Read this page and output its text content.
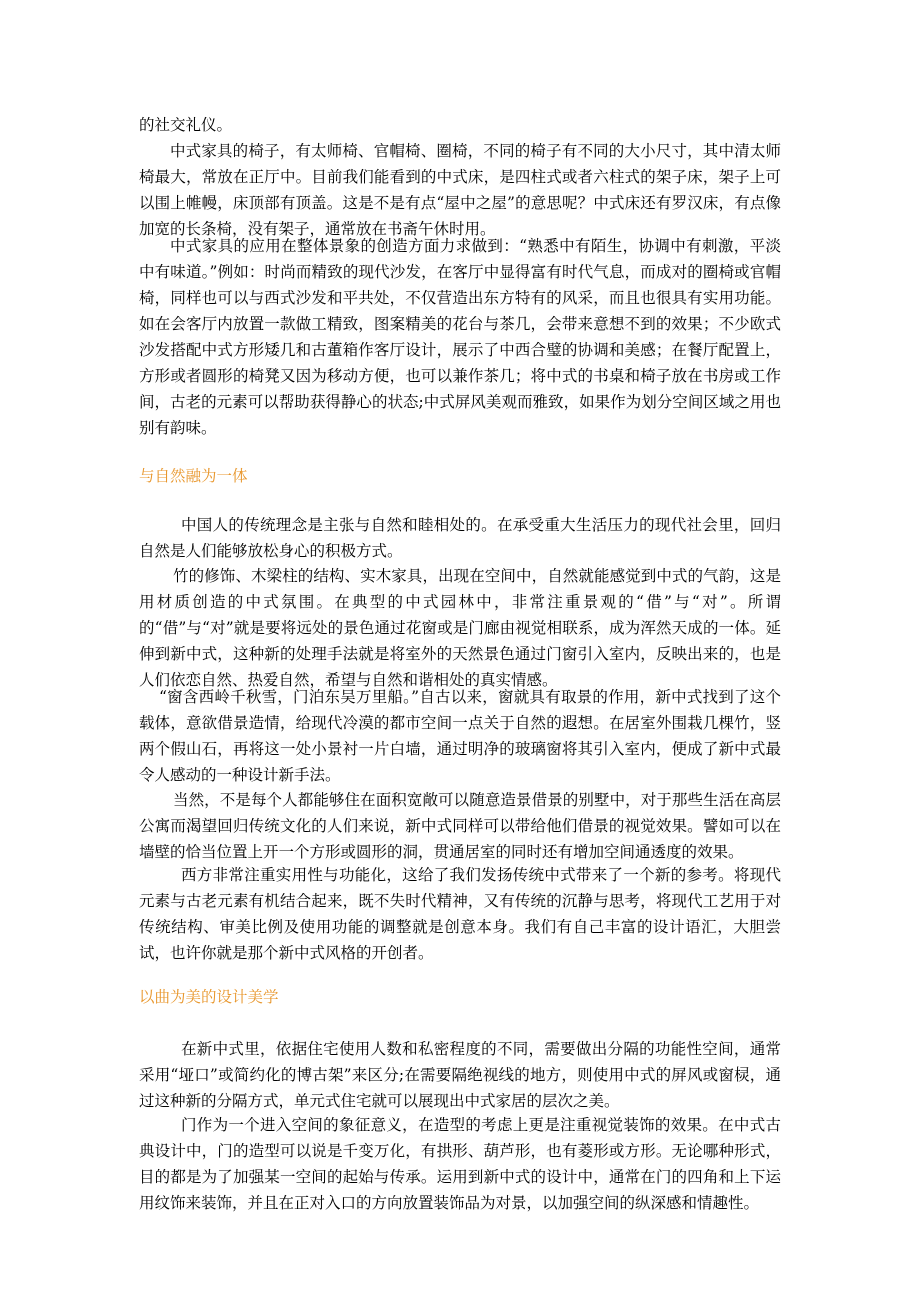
的社交礼仪。

中式家具的椅子，有太师椅、官帽椅、圈椅，不同的椅子有不同的大小尺寸，其中清太师椅最大，常放在正厅中。目前我们能看到的中式床，是四柱式或者六柱式的架子床，架子上可以围上帷幔，床顶部有顶盖。这是不是有点“屋中之屋”的意思呢？中式床还有罗汉床，有点像加宽的长条椅，没有架子，通常放在书斋午休时用。

中式家具的应用在整体景象的创造方面力求做到：“熟悉中有陌生，协调中有刺激，平淡中有味道。”例如：时尚而精致的现代沙发，在客厅中显得富有时代气息，而成对的圈椅或官帽椅，同样也可以与西式沙发和平共处，不仅营造出东方特有的风采，而且也很具有实用功能。如在会客厅内放置一款做工精致，图案精美的花台与茶几，会带来意想不到的效果；不少欧式沙发搭配中式方形矮几和古董箱作客厅设计，展示了中西合璧的协调和美感；在餐厅配置上，方形或者圆形的椅凳又因为移动方便，也可以兼作茶几；将中式的书桌和椅子放在书房或工作间，古老的元素可以帮助获得静心的状态;中式屏风美观而雅致，如果作为划分空间区域之用也别有韵味。

与自然融为一体

中国人的传统理念是主张与自然和睦相处的。在承受重大生活压力的现代社会里，回归自然是人们能够放松身心的积极方式。

竹的修饰、木梁柱的结构、实木家具，出现在空间中，自然就能感觉到中式的气韵，这是用材质创造的中式氛围。在典型的中式园林中，非常注重景观的“借”与“对”。所谓的“借”与“对”就是要将远处的景色通过花窗或是门廊由视觉相联系，成为浑然天成的一体。延伸到新中式，这种新的处理手法就是将室外的天然景色通过门窗引入室内，反映出来的，也是人们依恋自然、热爱自然，希望与自然和谐相处的真实情感。

“窗含西岭千秋雪，门泊东吴万里船。”自古以来，窗就具有取景的作用，新中式找到了这个载体，意欲借景造情，给现代冷漠的都市空间一点关于自然的遐想。在居室外围栽几棵竹，竖两个假山石，再将这一处小景衬一片白墙，通过明净的玻璃窗将其引入室内，便成了新中式最令人感动的一种设计新手法。

当然，不是每个人都能够住在面积宽敞可以随意造景借景的别墅中，对于那些生活在高层公寓而渴望回归传统文化的人们来说，新中式同样可以带给他们借景的视觉效果。譬如可以在墙壁的恰当位置上开一个方形或圆形的洞，贯通居室的同时还有增加空间通透度的效果。

西方非常注重实用性与功能化，这给了我们发扬传统中式带来了一个新的参考。将现代元素与古老元素有机结合起来，既不失时代精神，又有传统的沉静与思考，将现代工艺用于对传统结构、审美比例及使用功能的调整就是创意本身。我们有自己丰富的设计语汇，大胆尝试，也许你就是那个新中式风格的开创者。

以曲为美的设计美学

在新中式里，依据住宅使用人数和私密程度的不同，需要做出分隔的功能性空间，通常采用“垭口”或简约化的博古架”来区分;在需要隔绝视线的地方，则使用中式的屏风或窗棂，通过这种新的分隔方式，单元式住宅就可以展现出中式家居的层次之美。

门作为一个进入空间的象征意义，在造型的考虑上更是注重视觉装饰的效果。在中式古典设计中，门的造型可以说是千变万化，有拱形、葫芦形，也有菱形或方形。无论哪种形式，目的都是为了加强某一空间的起始与传承。运用到新中式的设计中，通常在门的四角和上下运用纹饰来装饰，并且在正对入口的方向放置装饰品为对景，以加强空间的纵深感和情趣性。
